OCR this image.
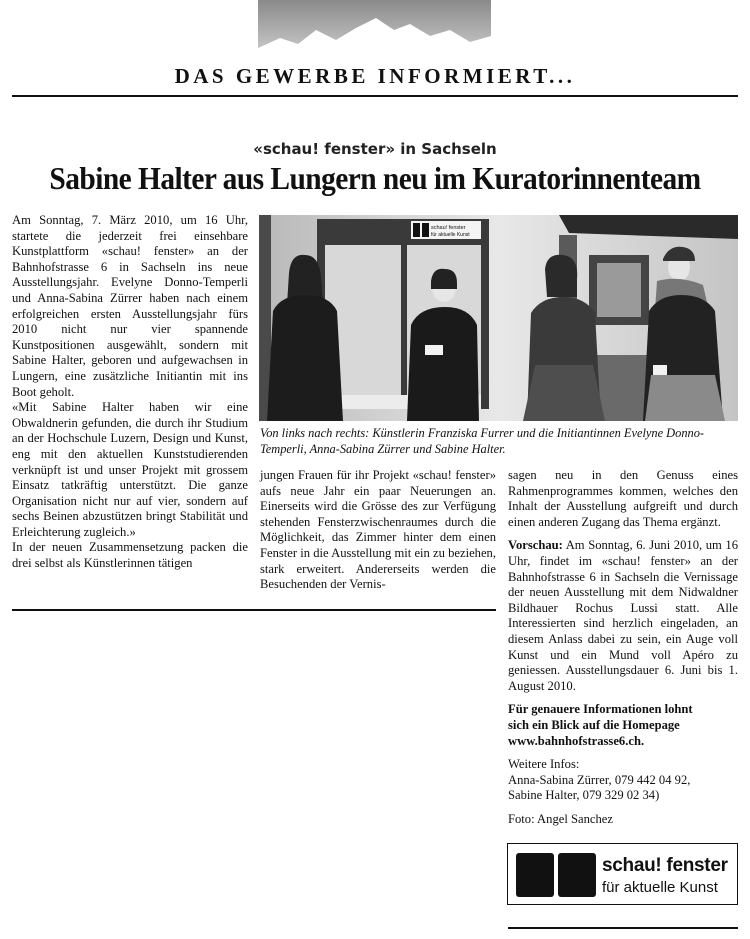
DAS GEWERBE INFORMIERT...
«schau! fenster» in Sachseln
Sabine Halter aus Lungern neu im Kuratorinnenteam

Am Sonntag, 7. März 2010, um 16 Uhr, startete die jederzeit frei einsehbare Kunstplattform «schau! fenster» an der Bahnhofstrasse 6 in Sachseln ins neue Ausstellungsjahr. Evelyne Donno-Temperli und Anna-Sabina Zürrer haben nach einem erfolgreichen ersten Ausstellungsjahr fürs 2010 nicht nur vier spannende Kunstpositionen ausgewählt, sondern mit Sabine Halter, geboren und aufgewachsen in Lungern, eine zusätzliche Initiantin mit ins Boot geholt.

«Mit Sabine Halter haben wir eine Obwaldnerin gefunden, die durch ihr Studium an der Hochschule Luzern, Design und Kunst, eng mit den aktuellen Kunststudierenden verknüpft ist und unser Projekt mit grossem Einsatz tatkräftig unterstützt. Die ganze Organisation nicht nur auf vier, sondern auf sechs Beinen abzustützen bringt Stabilität und Erleichterung zugleich.»

In der neuen Zusammensetzung packen die drei selbst als Künstlerinnen tätigen

schau! fenster
für aktuelle Kunst
Von links nach rechts: Künstlerin Franziska Furrer und die Initiantinnen Evelyne Donno-Temperli, Anna-Sabina Zürrer und Sabine Halter.

jungen Frauen für ihr Projekt «schau! fenster» aufs neue Jahr ein paar Neuerungen an. Einerseits wird die Grösse des zur Verfügung stehenden Fensterzwischenraumes durch die Möglichkeit, das Zimmer hinter dem einen Fenster in die Ausstellung mit ein zu beziehen, stark erweitert. Andererseits werden die Besuchenden der Vernis-

sagen neu in den Genuss eines Rahmenprogrammes kommen, welches den Inhalt der Ausstellung aufgreift und durch einen anderen Zugang das Thema ergänzt.

Vorschau: Am Sonntag, 6. Juni 2010, um 16 Uhr, findet im «schau! fenster» an der Bahnhofstrasse 6 in Sachseln die Vernissage der neuen Ausstellung mit dem Nidwaldner Bildhauer Rochus Lussi statt. Alle Interessierten sind herzlich eingeladen, an diesem Anlass dabei zu sein, ein Auge voll Kunst und ein Mund voll Apéro zu geniessen. Ausstellungsdauer 6. Juni bis 1. August 2010.

Für genauere Informationen lohnt
sich ein Blick auf die Homepage
www.bahnhofstrasse6.ch.

Weitere Infos:
Anna-Sabina Zürrer, 079 442 04 92,
Sabine Halter, 079 329 02 34)

Foto: Angel Sanchez

schau! fenster
für aktuelle Kunst
